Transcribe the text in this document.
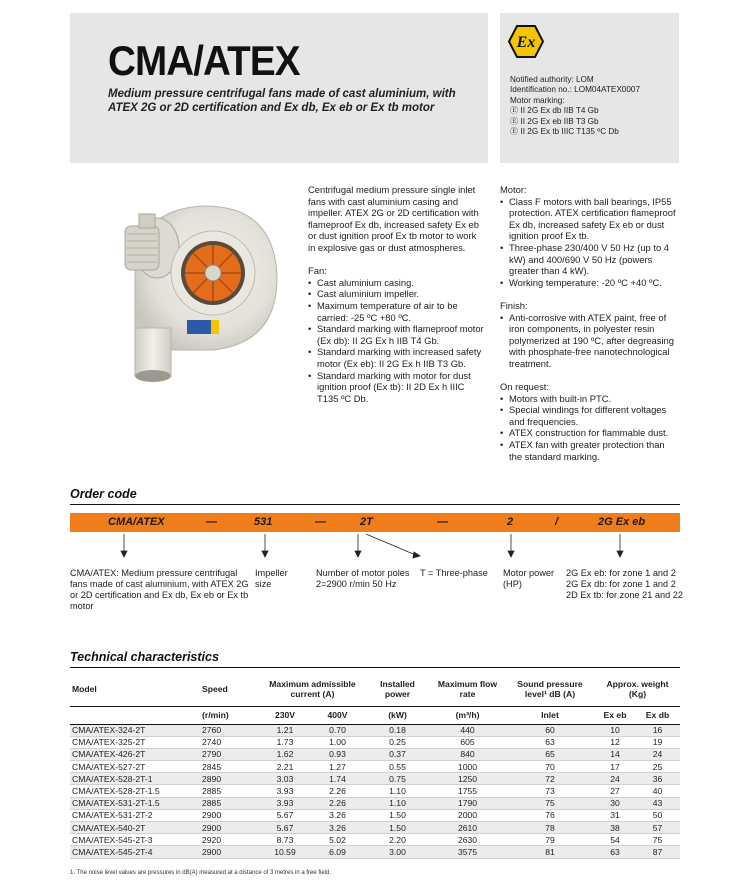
CMA/ATEX
Medium pressure centrifugal fans made of cast aluminium, with ATEX 2G or 2D certification and Ex db, Ex eb or Ex tb motor
Ex
Notified authority: LOM
Identification no.: LOM04ATEX0007
Motor marking:
Ⓔ II 2G Ex db IIB T4 Gb
Ⓔ II 2G Ex eb IIB T3 Gb
Ⓔ II 2G Ex tb IIIC T135 ºC Db

Centrifugal medium pressure single inlet fans with cast aluminium casing and impeller. ATEX 2G or 2D certification with flameproof Ex db, increased safety Ex eb or dust ignition proof Ex tb motor to work in explosive gas or dust atmospheres.

Fan:
• Cast aluminium casing.
• Cast aluminium impeller.
• Maximum temperature of air to be carried: -25 ºC +80 ºC.
• Standard marking with flameproof motor (Ex db): II 2G Ex h IIB T4 Gb.
• Standard marking with increased safety motor (Ex eb): II 2G Ex h IIB T3 Gb.
• Standard marking with motor for dust ignition proof (Ex tb): II 2D Ex h IIIC T135 ºC Db.
Motor:
• Class F motors with ball bearings, IP55 protection. ATEX certification flameproof Ex db, increased safety Ex eb or dust ignition proof Ex tb.
• Three-phase 230/400 V 50 Hz (up to 4 kW) and 400/690 V 50 Hz (powers greater than 4 kW).
• Working temperature: -20 ºC +40 ºC.
Finish:
• Anti-corrosive with ATEX paint, free of iron components, in polyester resin polymerized at 190 ºC, after degreasing with phosphate-free nanotechnological treatment.
On request:
• Motors with built-in PTC.
• Special windings for different voltages and frequencies.
• ATEX construction for flammable dust.
• ATEX fan with greater protection than the standard marking.
Order code
CMA/ATEX	—	531	—	2T	—	2	/	2G Ex eb
CMA/ATEX: Medium pressure centrifugal fans made of cast aluminium, with ATEX 2G or 2D certification and Ex db, Ex eb or Ex tb motor
Impeller size
Number of motor poles 2=2900 r/min 50 Hz
T = Three-phase	Motor power (HP)
2G Ex eb: for zone 1 and 2
2G Ex db: for zone 1 and 2
2D Ex tb: for zone 21 and 22
Technical characteristics
Model	Speed	Maximum admissible current (A)		Installed power	Maximum flow rate	Sound pressure level¹ dB (A)	Approx. weight (Kg)	
	(r/min)	230V	400V	(kW)	(m³/h)	Inlet	Ex eb	Ex db
CMA/ATEX-324-2T	2760	1.21	0.70	0.18	440	60	10	16
CMA/ATEX-325-2T	2740	1.73	1.00	0.25	605	63	12	19
CMA/ATEX-426-2T	2790	1.62	0.93	0.37	840	65	14	24
CMA/ATEX-527-2T	2845	2.21	1.27	0.55	1000	70	17	25
CMA/ATEX-528-2T-1	2890	3.03	1.74	0.75	1250	72	24	36
CMA/ATEX-528-2T-1.5	2885	3.93	2.26	1.10	1755	73	27	40
CMA/ATEX-531-2T-1.5	2885	3.93	2.26	1.10	1790	75	30	43
CMA/ATEX-531-2T-2	2900	5.67	3.26	1.50	2000	76	31	50
CMA/ATEX-540-2T	2900	5.67	3.26	1.50	2610	78	38	57
CMA/ATEX-545-2T-3	2920	8.73	5.02	2.20	2630	79	54	75
CMA/ATEX-545-2T-4	2900	10.59	6.09	3.00	3575	81	63	87
1. The noise level values are pressures in dB(A) measured at a distance of 3 metres in a free field.
